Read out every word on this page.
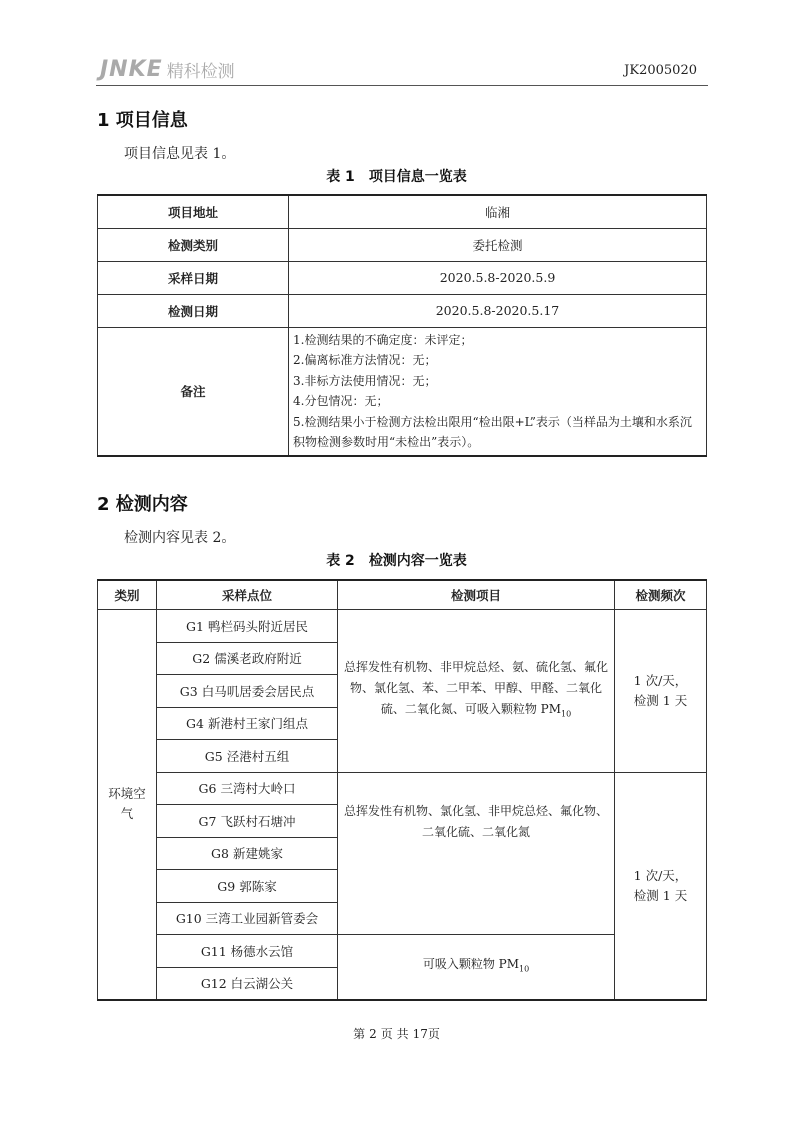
JNKE 精科检测	JK2005020
1 项目信息
项目信息见表 1。
表 1 项目信息一览表
项目地址	临湘
检测类别	委托检测
采样日期	2020.5.8-2020.5.9
检测日期	2020.5.8-2020.5.17
备注	1.检测结果的不确定度：未评定；
2.偏离标准方法情况：无；
3.非标方法使用情况：无；
4.分包情况：无；
5.检测结果小于检测方法检出限用“检出限+L”表示（当样品为土壤和水系沉积物检测参数时用“未检出”表示）。
2 检测内容
检测内容见表 2。
表 2 检测内容一览表
类别	采样点位	检测项目	检测频次

环境空气	G1 鸭栏码头附近居民	总挥发性有机物、非甲烷总烃、氨、硫化氢、氟化物、氯化氢、苯、二甲苯、甲醇、甲醛、二氧化硫、二氧化氮、可吸入颗粒物 $PM_{10}$	1 次/天，
检测 1 天

	G2 儒溪老政府附近		
	G3 白马叽居委会居民点		
	G4 新港村王家门组点		
	G5 泾港村五组		
	G6 三湾村大岭口	总挥发性有机物、氯化氢、非甲烷总烃、氟化物、二氧化硫、二氧化氮	1 次/天，
检测 1 天

	G7 飞跃村石塘冲		
	G8 新建姚家		
	G9 郭陈家		
	G10 三湾工业园新管委会		
	G11 杨德水云馆	可吸入颗粒物 $PM_{10}$
	G12 白云湖公关		
第 2 页 共 17页
